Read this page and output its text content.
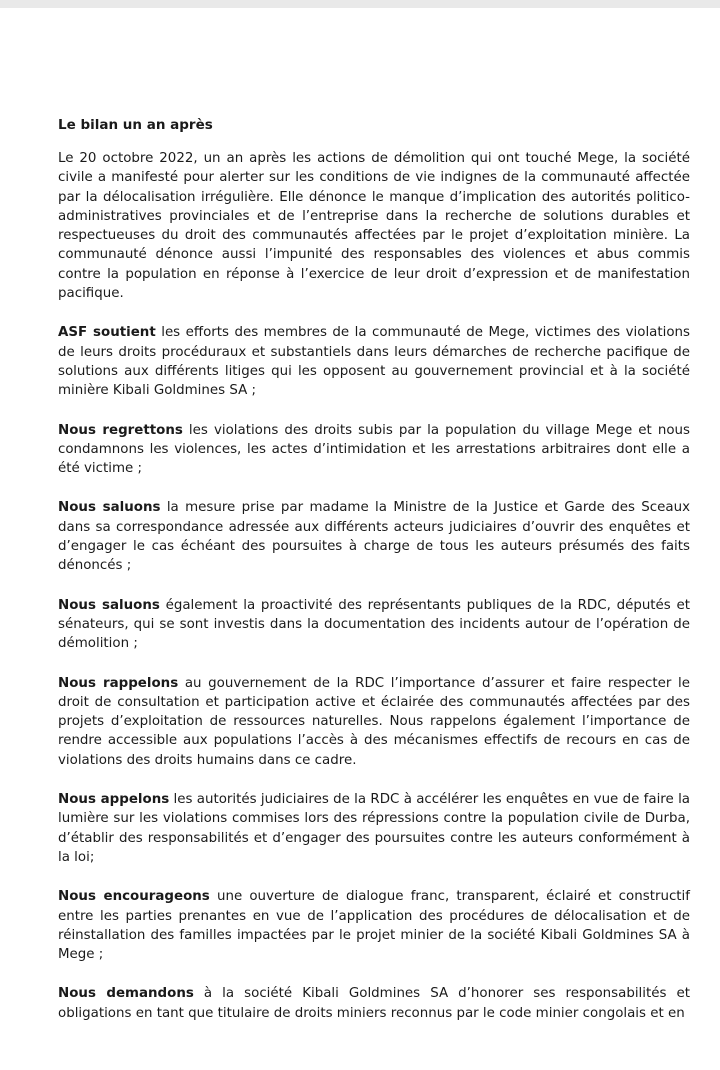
Le bilan un an après

Le 20 octobre 2022, un an après les actions de démolition qui ont touché Mege, la société civile a manifesté pour alerter sur les conditions de vie indignes de la communauté affectée par la délocalisation irrégulière. Elle dénonce le manque d’implication des autorités politico-administratives provinciales et de l’entreprise dans la recherche de solutions durables et respectueuses du droit des communautés affectées par le projet d’exploitation minière. La communauté dénonce aussi l’impunité des responsables des violences et abus commis contre la population en réponse à l’exercice de leur droit d’expression et de manifestation pacifique.

ASF soutient les efforts des membres de la communauté de Mege, victimes des violations de leurs droits procéduraux et substantiels dans leurs démarches de recherche pacifique de solutions aux différents litiges qui les opposent au gouvernement provincial et à la société minière Kibali Goldmines SA ;

Nous regrettons les violations des droits subis par la population du village Mege et nous condamnons les violences, les actes d’intimidation et les arrestations arbitraires dont elle a été victime ;

Nous saluons la mesure prise par madame la Ministre de la Justice et Garde des Sceaux dans sa correspondance adressée aux différents acteurs judiciaires d’ouvrir des enquêtes et d’engager le cas échéant des poursuites à charge de tous les auteurs présumés des faits dénoncés ;

Nous saluons également la proactivité des représentants publiques de la RDC, députés et sénateurs, qui se sont investis dans la documentation des incidents autour de l’opération de démolition ;

Nous rappelons au gouvernement de la RDC l’importance d’assurer et faire respecter le droit de consultation et participation active et éclairée des communautés affectées par des projets d’exploitation de ressources naturelles. Nous rappelons également l’importance de rendre accessible aux populations l’accès à des mécanismes effectifs de recours en cas de violations des droits humains dans ce cadre.

Nous appelons les autorités judiciaires de la RDC à accélérer les enquêtes en vue de faire la lumière sur les violations commises lors des répressions contre la population civile de Durba, d’établir des responsabilités et d’engager des poursuites contre les auteurs conformément à la loi;

Nous encourageons une ouverture de dialogue franc, transparent, éclairé et constructif entre les parties prenantes en vue de l’application des procédures de délocalisation et de réinstallation des familles impactées par le projet minier de la société Kibali Goldmines SA à Mege ;

Nous demandons à la société Kibali Goldmines SA d’honorer ses responsabilités et obligations en tant que titulaire de droits miniers reconnus par le code minier congolais et en
